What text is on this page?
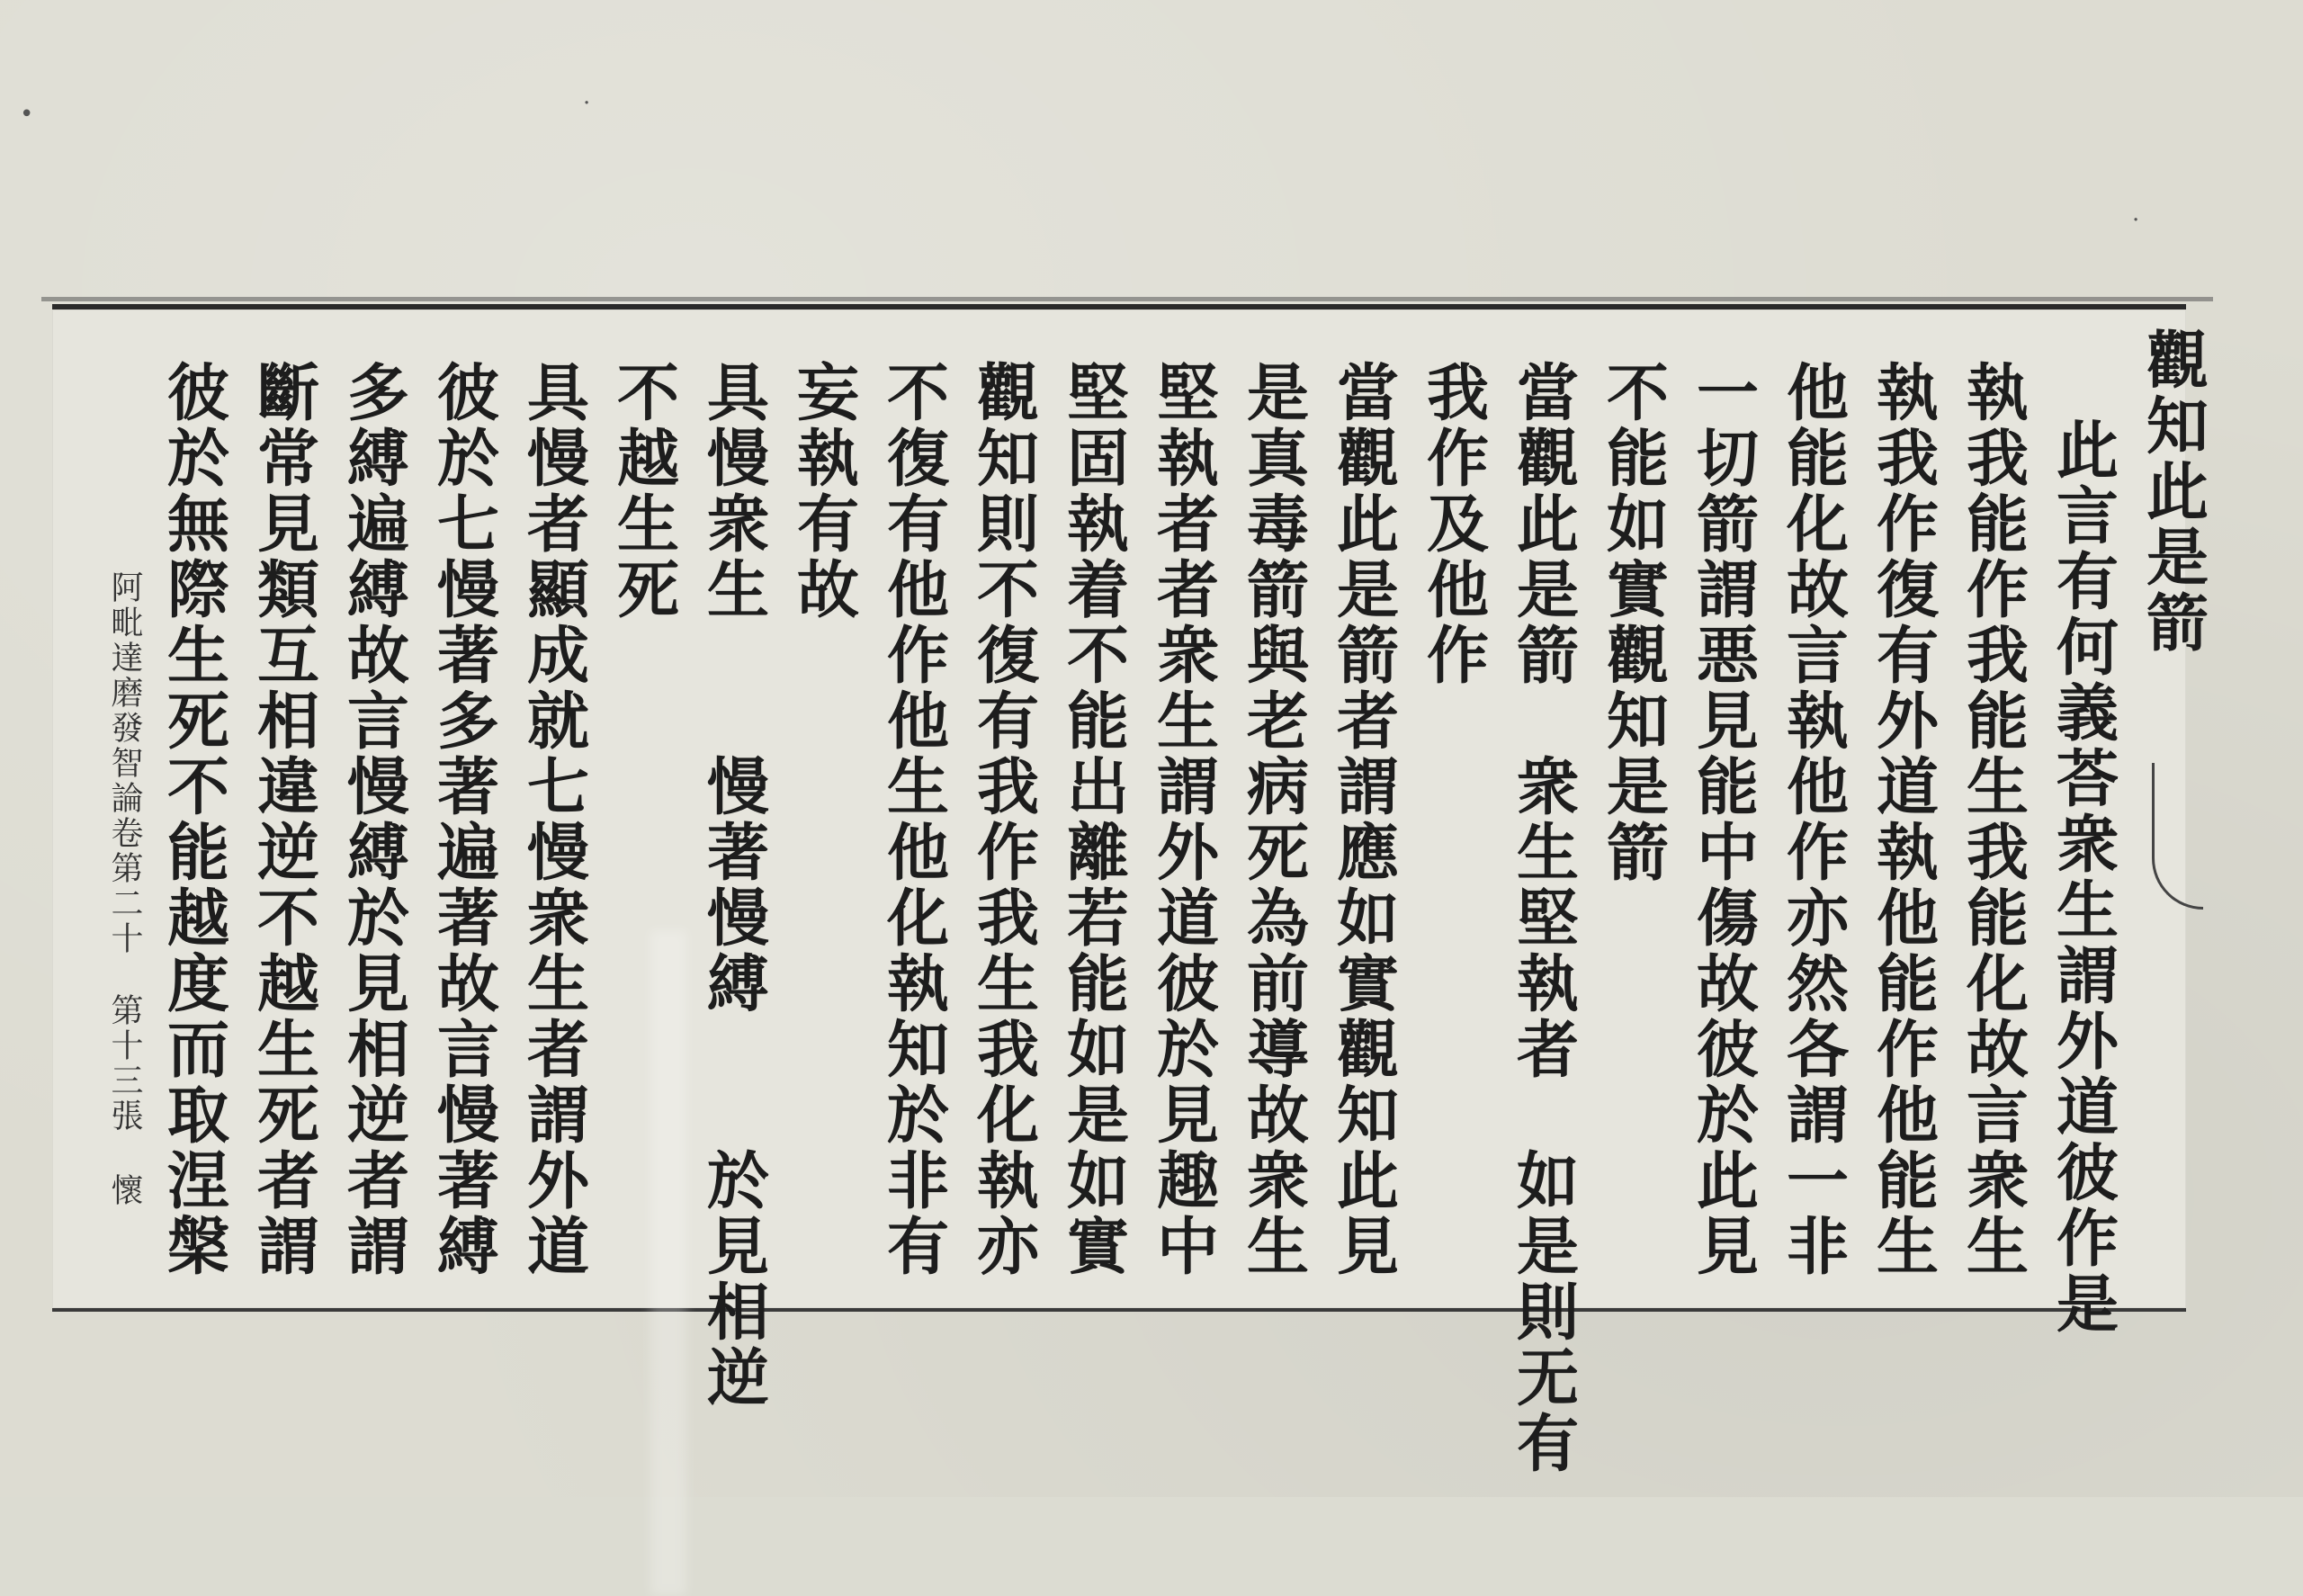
觀知此是箭
此言有何義荅衆生謂外道彼作是
執我能作我能生我能化故言衆生
執我作復有外道執他能作他能生
他能化故言執他作亦然各謂一非
一切箭謂悪見能中傷故彼於此見
不能如實觀知是箭
當觀此是箭　衆生堅執者　如是則无有
我作及他作
當觀此是箭者謂應如實觀知此見
是真毒箭與老病死為前導故衆生
堅執者者衆生謂外道彼於見趣中
堅固執着不能出離若能如是如實
觀知則不復有我作我生我化執亦
不復有他作他生他化執知於非有
妄執有故
具慢衆生　　慢著慢縛　　於見相逆
不越生死
具慢者顯成就七慢衆生者謂外道
彼於七慢著多著遍著故言慢著縛
多縛遍縛故言慢縛於見相逆者謂
斷常見類互相違逆不越生死者謂
彼於無際生死不能越度而取涅槃
阿毗達磨發智論卷第二十
第十三張
懷
•	·
·
